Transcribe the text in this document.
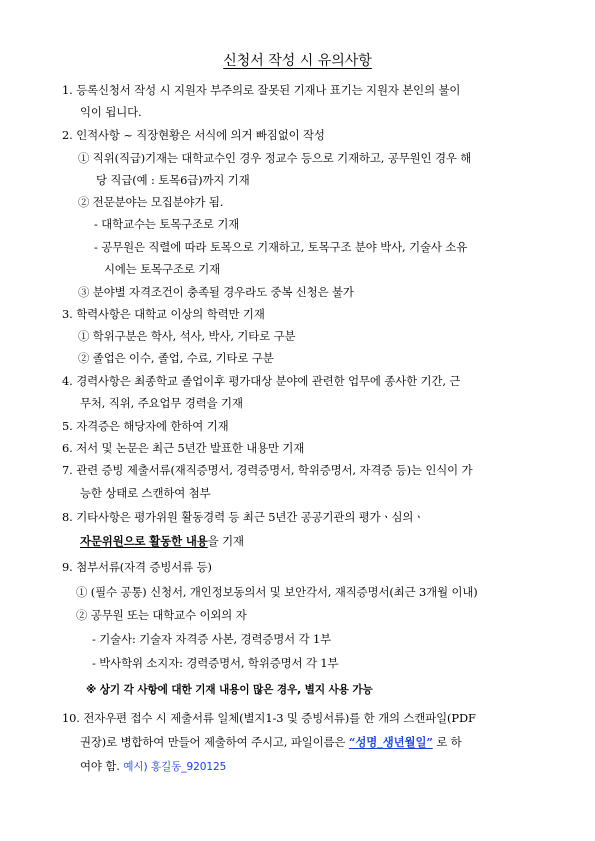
신청서 작성 시 유의사항
1. 등록신청서 작성 시 지원자 부주의로 잘못된 기재나 표기는 지원자 본인의 불이
익이 됩니다.
2. 인적사항 ~ 직장현황은 서식에 의거 빠짐없이 작성
① 직위(직급)기재는 대학교수인 경우 정교수 등으로 기재하고, 공무원인 경우 해
당 직급(예 : 토목6급)까지 기재
② 전문분야는 모집분야가 됨.
- 대학교수는 토목구조로 기재
- 공무원은 직렬에 따라 토목으로 기재하고, 토목구조 분야 박사, 기술사 소유
시에는 토목구조로 기재
③ 분야별 자격조건이 충족될 경우라도 중복 신청은 불가
3. 학력사항은 대학교 이상의 학력만 기재
① 학위구분은 학사, 석사, 박사, 기타로 구분
② 졸업은 이수, 졸업, 수료, 기타로 구분
4. 경력사항은 최종학교 졸업이후 평가대상 분야에 관련한 업무에 종사한 기간, 근
무처, 직위, 주요업무 경력을 기재
5. 자격증은 해당자에 한하여 기재
6. 저서 및 논문은 최근 5년간 발표한 내용만 기재
7. 관련 증빙 제출서류(재직증명서, 경력증명서, 학위증명서, 자격증 등)는 인식이 가
능한 상태로 스캔하여 첨부
8. 기타사항은 평가위원 활동경력 등 최근 5년간 공공기관의 평가ㆍ심의ㆍ
자문위원으로 활동한 내용을 기재
9. 첨부서류(자격 증빙서류 등)
① (필수 공통) 신청서, 개인정보동의서 및 보안각서, 재직증명서(최근 3개월 이내)
② 공무원 또는 대학교수 이외의 자
- 기술사: 기술자 자격증 사본, 경력증명서 각 1부
- 박사학위 소지자: 경력증명서, 학위증명서 각 1부
※ 상기 각 사항에 대한 기재 내용이 많은 경우, 별지 사용 가능
10. 전자우편 접수 시 제출서류 일체(별지1-3 및 증빙서류)를 한 개의 스캔파일(PDF
권장)로 병합하여 만들어 제출하여 주시고, 파일이름은 “성명_생년월일” 로 하
여야 함. 예시) 홍길동_920125
